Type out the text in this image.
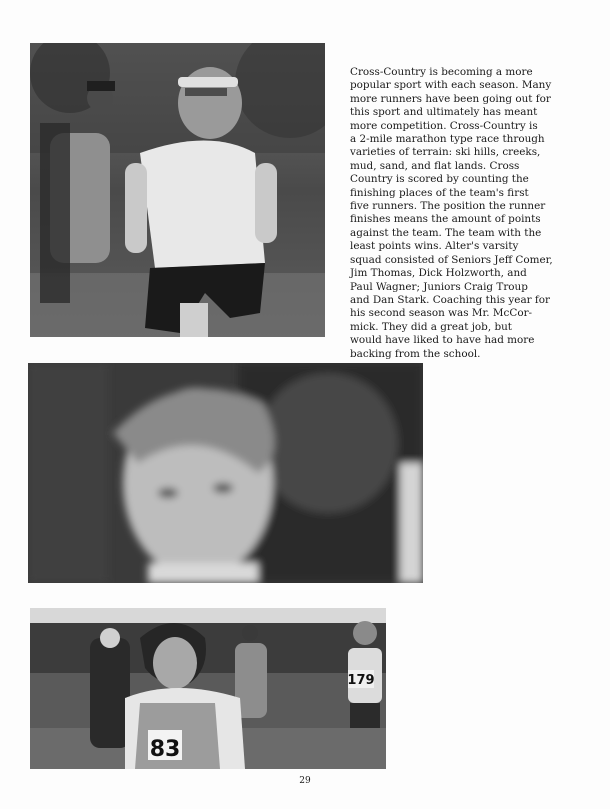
Cross-Country is becoming a more
popular sport with each season. Many
more runners have been going out for
this sport and ultimately has meant
more competition. Cross-Country is
a 2-mile marathon type race through
varieties of terrain: ski hills, creeks,
mud, sand, and flat lands. Cross
Country is scored by counting the
finishing places of the team's first
five runners. The position the runner
finishes means the amount of points
against the team. The team with the
least points wins. Alter's varsity
squad consisted of Seniors Jeff Comer,
Jim Thomas, Dick Holzworth, and
Paul Wagner; Juniors Craig Troup
and Dan Stark. Coaching this year for
his second season was Mr. McCor-
mick. They did a great job, but
would have liked to have had more
backing from the school.

179
83
29
